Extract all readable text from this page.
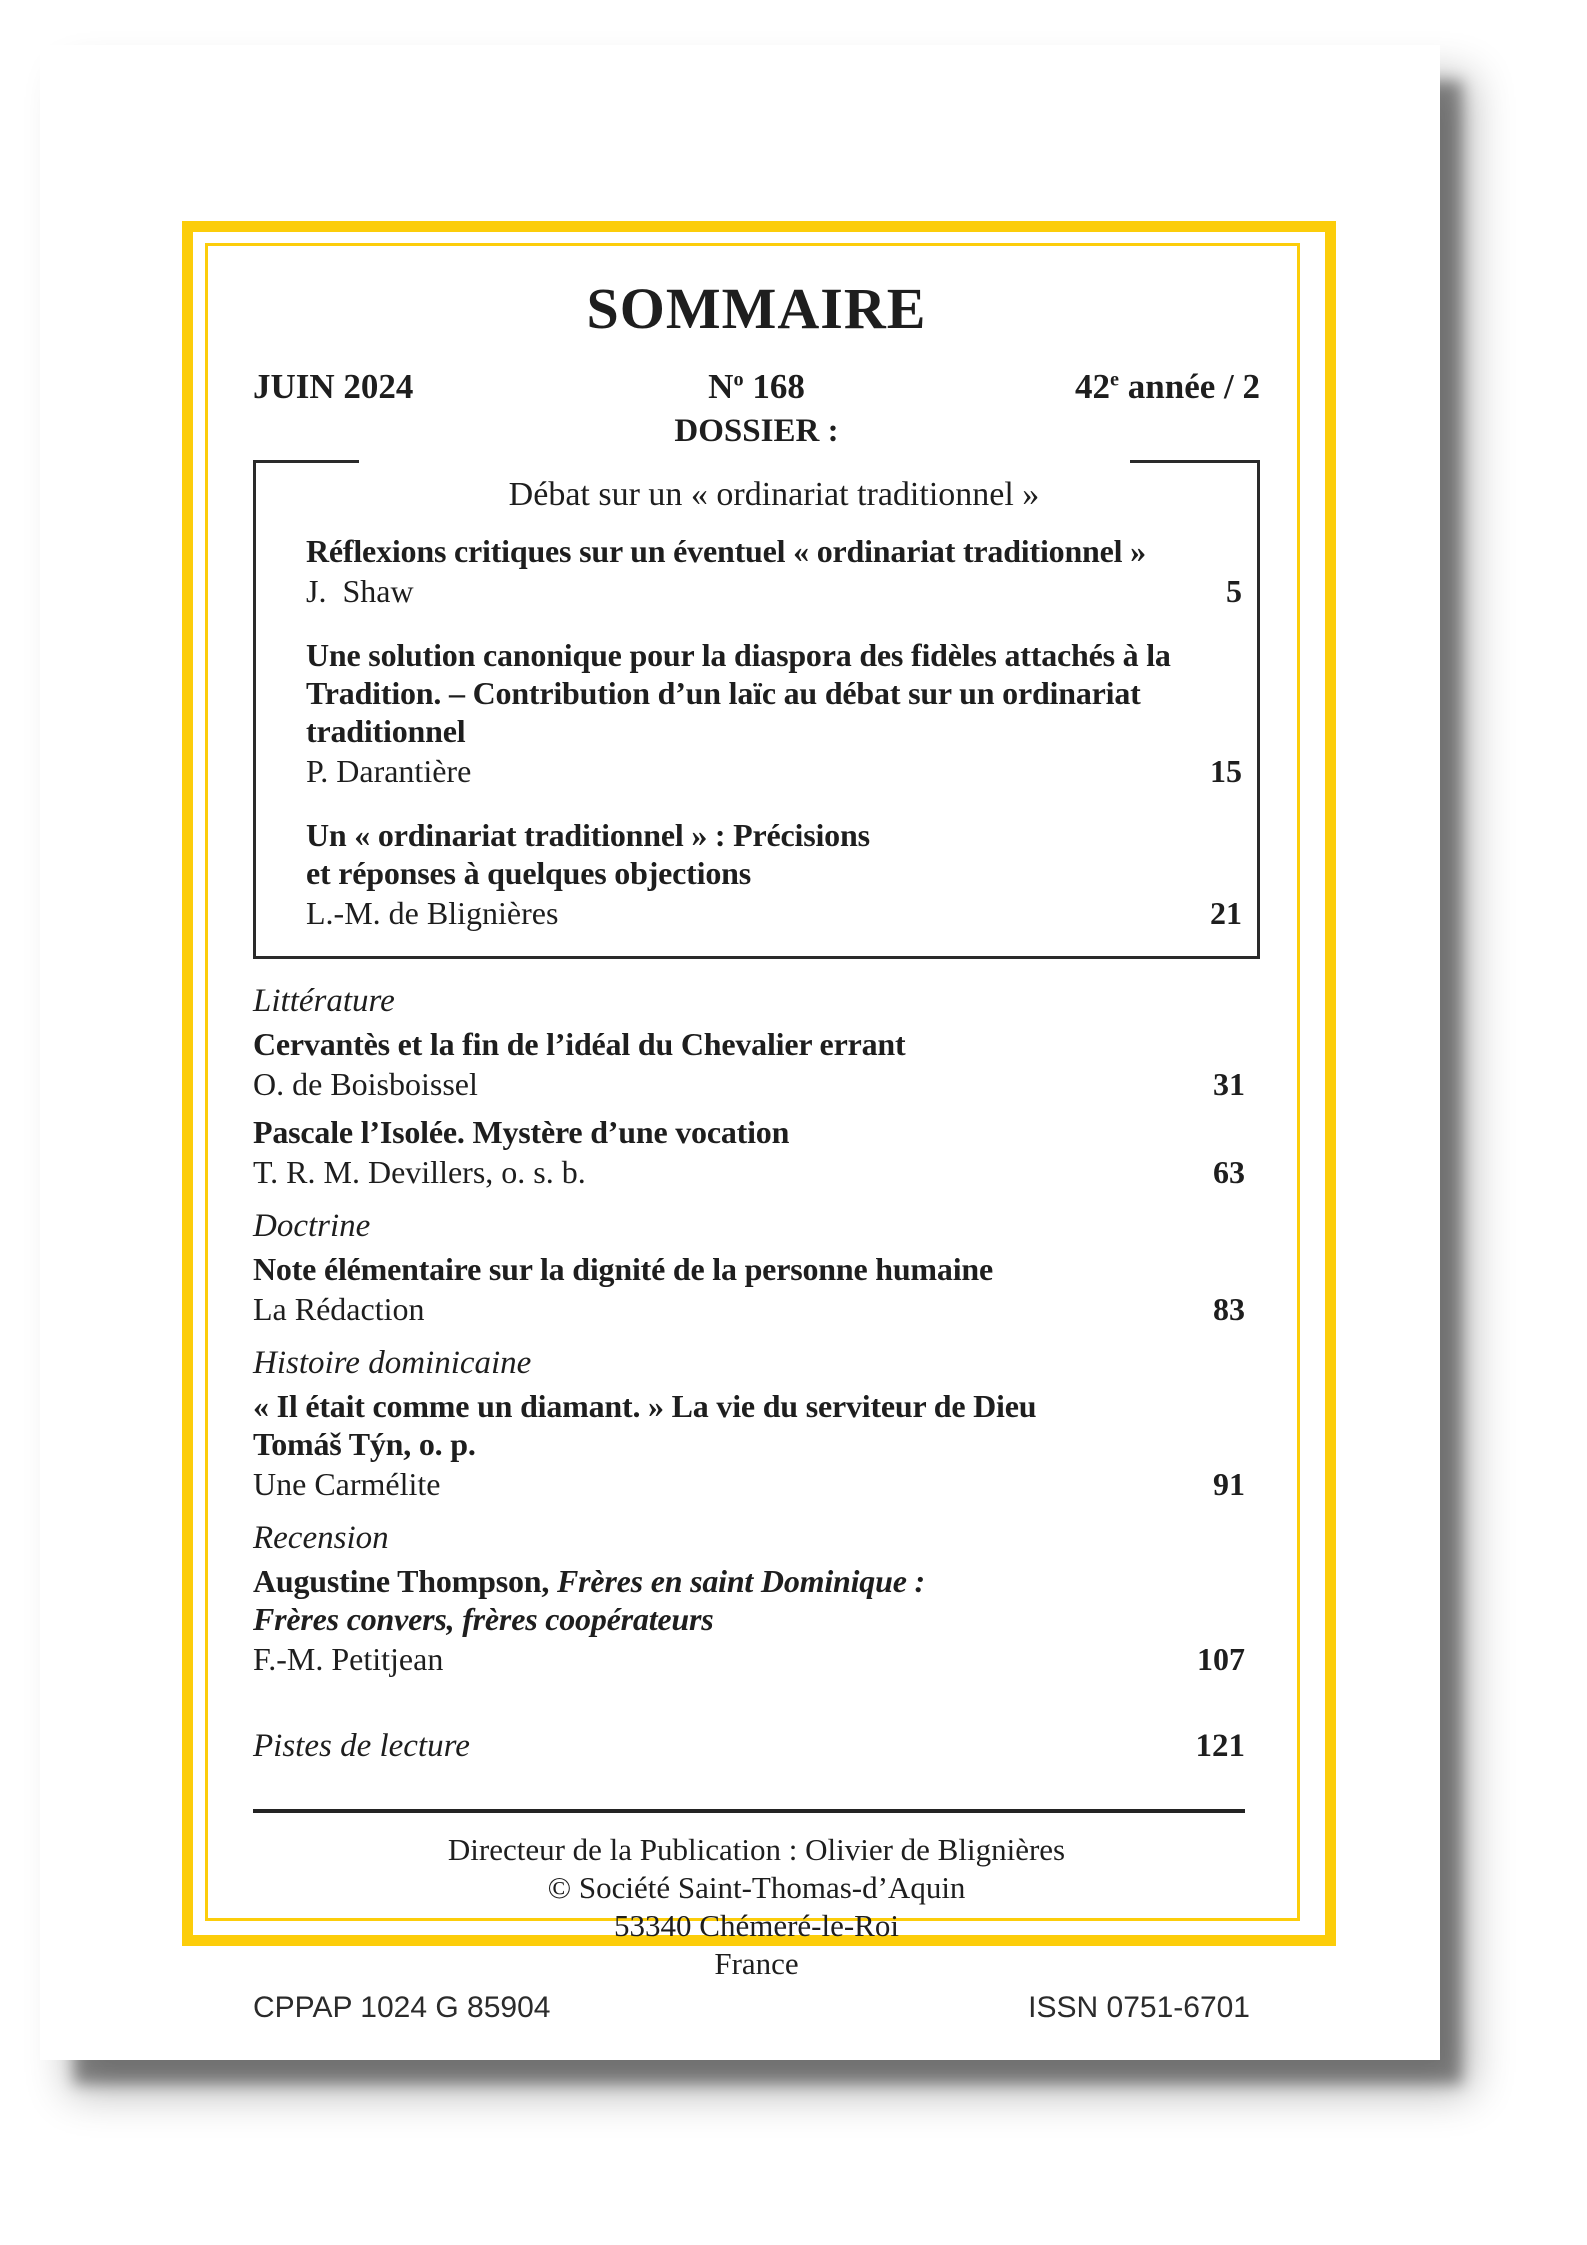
SOMMAIRE
JUIN 2024	$N^o$ 168	42e année / 2
DOSSIER :
Débat sur un « ordinariat traditionnel »
Réflexions critiques sur un éventuel « ordinariat traditionnel »
J.  Shaw	5
Une solution canonique pour la diaspora des fidèles attachés à la
Tradition. – Contribution d’un laïc au débat sur un ordinariat
traditionnel
P. Darantière	15
Un « ordinariat traditionnel » : Précisions
et réponses à quelques objections
L.-M. de Blignières	21
Littérature
Cervantès et la fin de l’idéal du Chevalier errant
O. de Boisboissel	31
Pascale l’Isolée. Mystère d’une vocation
T. R. M. Devillers, o. s. b.	63
Doctrine
Note élémentaire sur la dignité de la personne humaine
La Rédaction	83
Histoire dominicaine
« Il était comme un diamant. » La vie du serviteur de Dieu
Tomáš Týn, o. p.
Une Carmélite	91
Recension
Augustine Thompson, Frères en saint Dominique :
Frères convers, frères coopérateurs
F.-M. Petitjean	107
Pistes de lecture	121
Directeur de la Publication : Olivier de Blignières
© Société Saint-Thomas-d’Aquin
53340 Chémeré-le-Roi
France
CPPAP 1024 G 85904	ISSN 0751-6701
